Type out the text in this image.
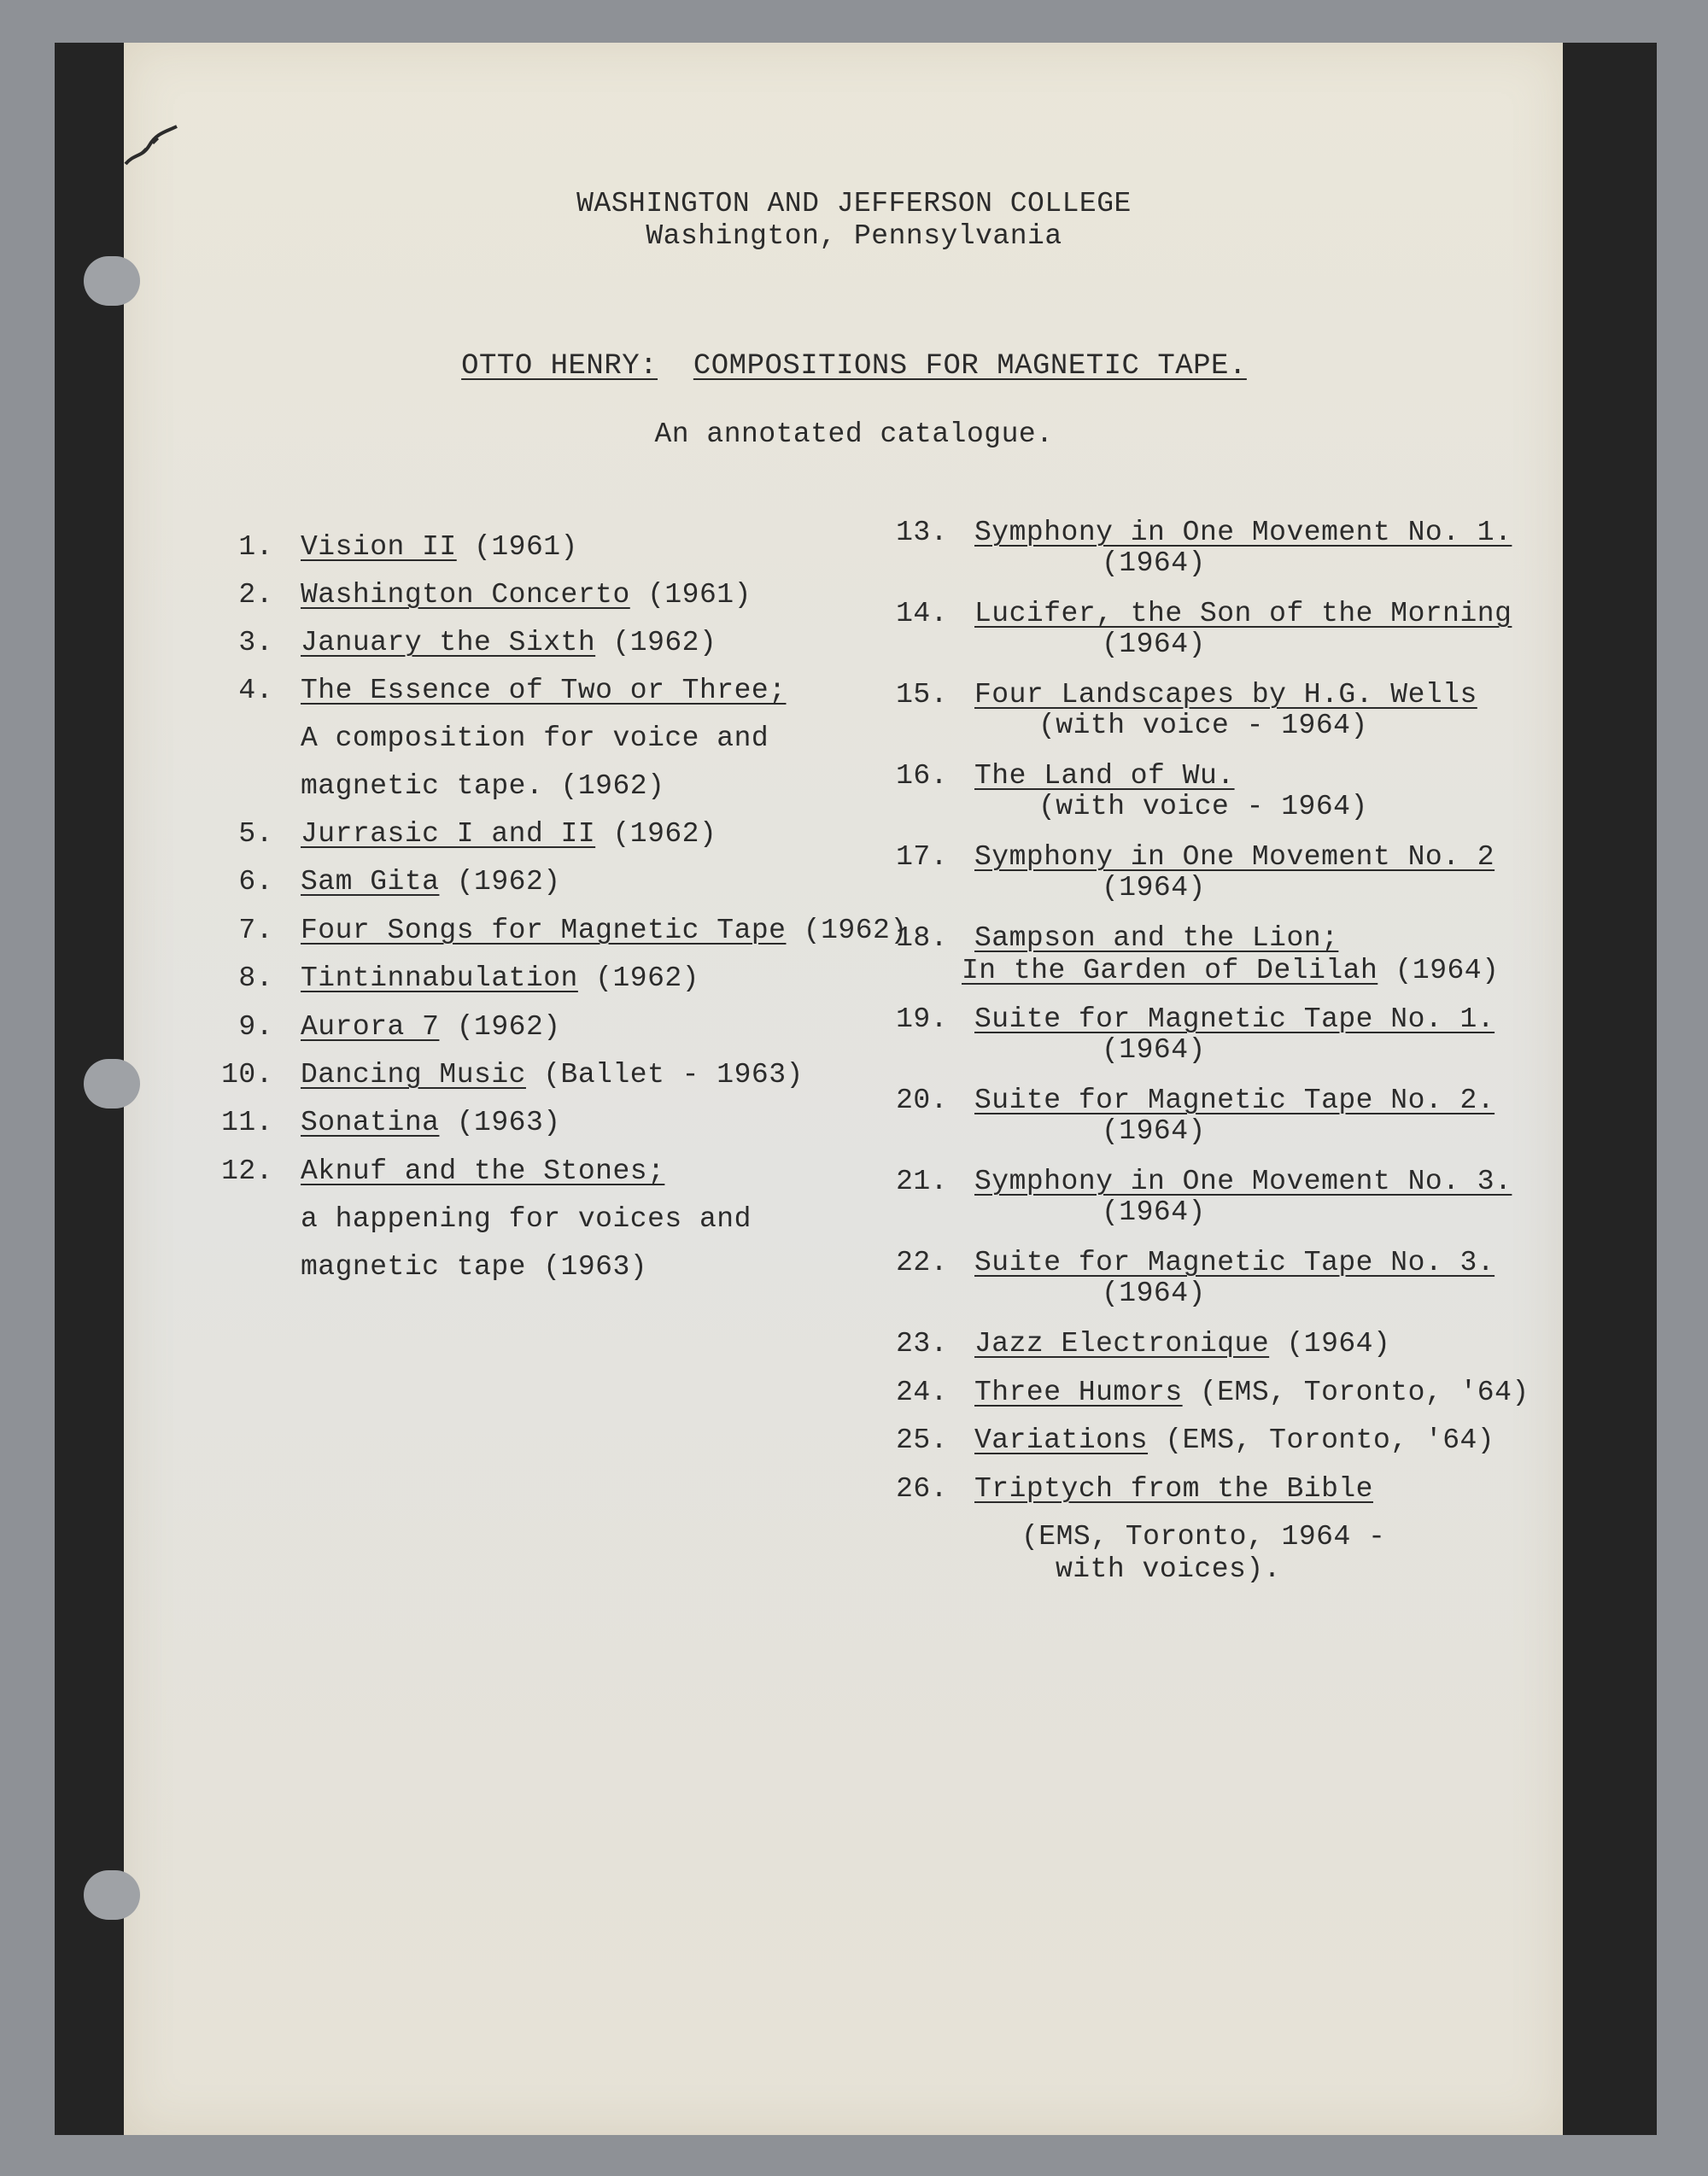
WASHINGTON AND JEFFERSON COLLEGE
Washington, Pennsylvania
OTTO HENRY: COMPOSITIONS FOR MAGNETIC TAPE.
An annotated catalogue.
1. Vision II (1961)
2. Washington Concerto (1961)
3. January the Sixth (1962)
4. The Essence of Two or Three;
A composition for voice and
magnetic tape. (1962)
5. Jurrasic I and II (1962)
6. Sam Gita (1962)
7. Four Songs for Magnetic Tape (1962)
8. Tintinnabulation (1962)
9. Aurora 7 (1962)
10. Dancing Music (Ballet - 1963)
11. Sonatina (1963)
12. Aknuf and the Stones;
a happening for voices and
magnetic tape (1963)
13. Symphony in One Movement No. 1.
(1964)
14. Lucifer, the Son of the Morning
(1964)
15. Four Landscapes by H.G. Wells
(with voice - 1964)
16. The Land of Wu.
(with voice - 1964)
17. Symphony in One Movement No. 2
(1964)
18. Sampson and the Lion;
In the Garden of Delilah (1964)
19. Suite for Magnetic Tape No. 1.
(1964)
20. Suite for Magnetic Tape No. 2.
(1964)
21. Symphony in One Movement No. 3.
(1964)
22. Suite for Magnetic Tape No. 3.
(1964)
23. Jazz Electronique (1964)
24. Three Humors (EMS, Toronto, '64)
25. Variations (EMS, Toronto, '64)
26. Triptych from the Bible
(EMS, Toronto, 1964 -
with voices).
